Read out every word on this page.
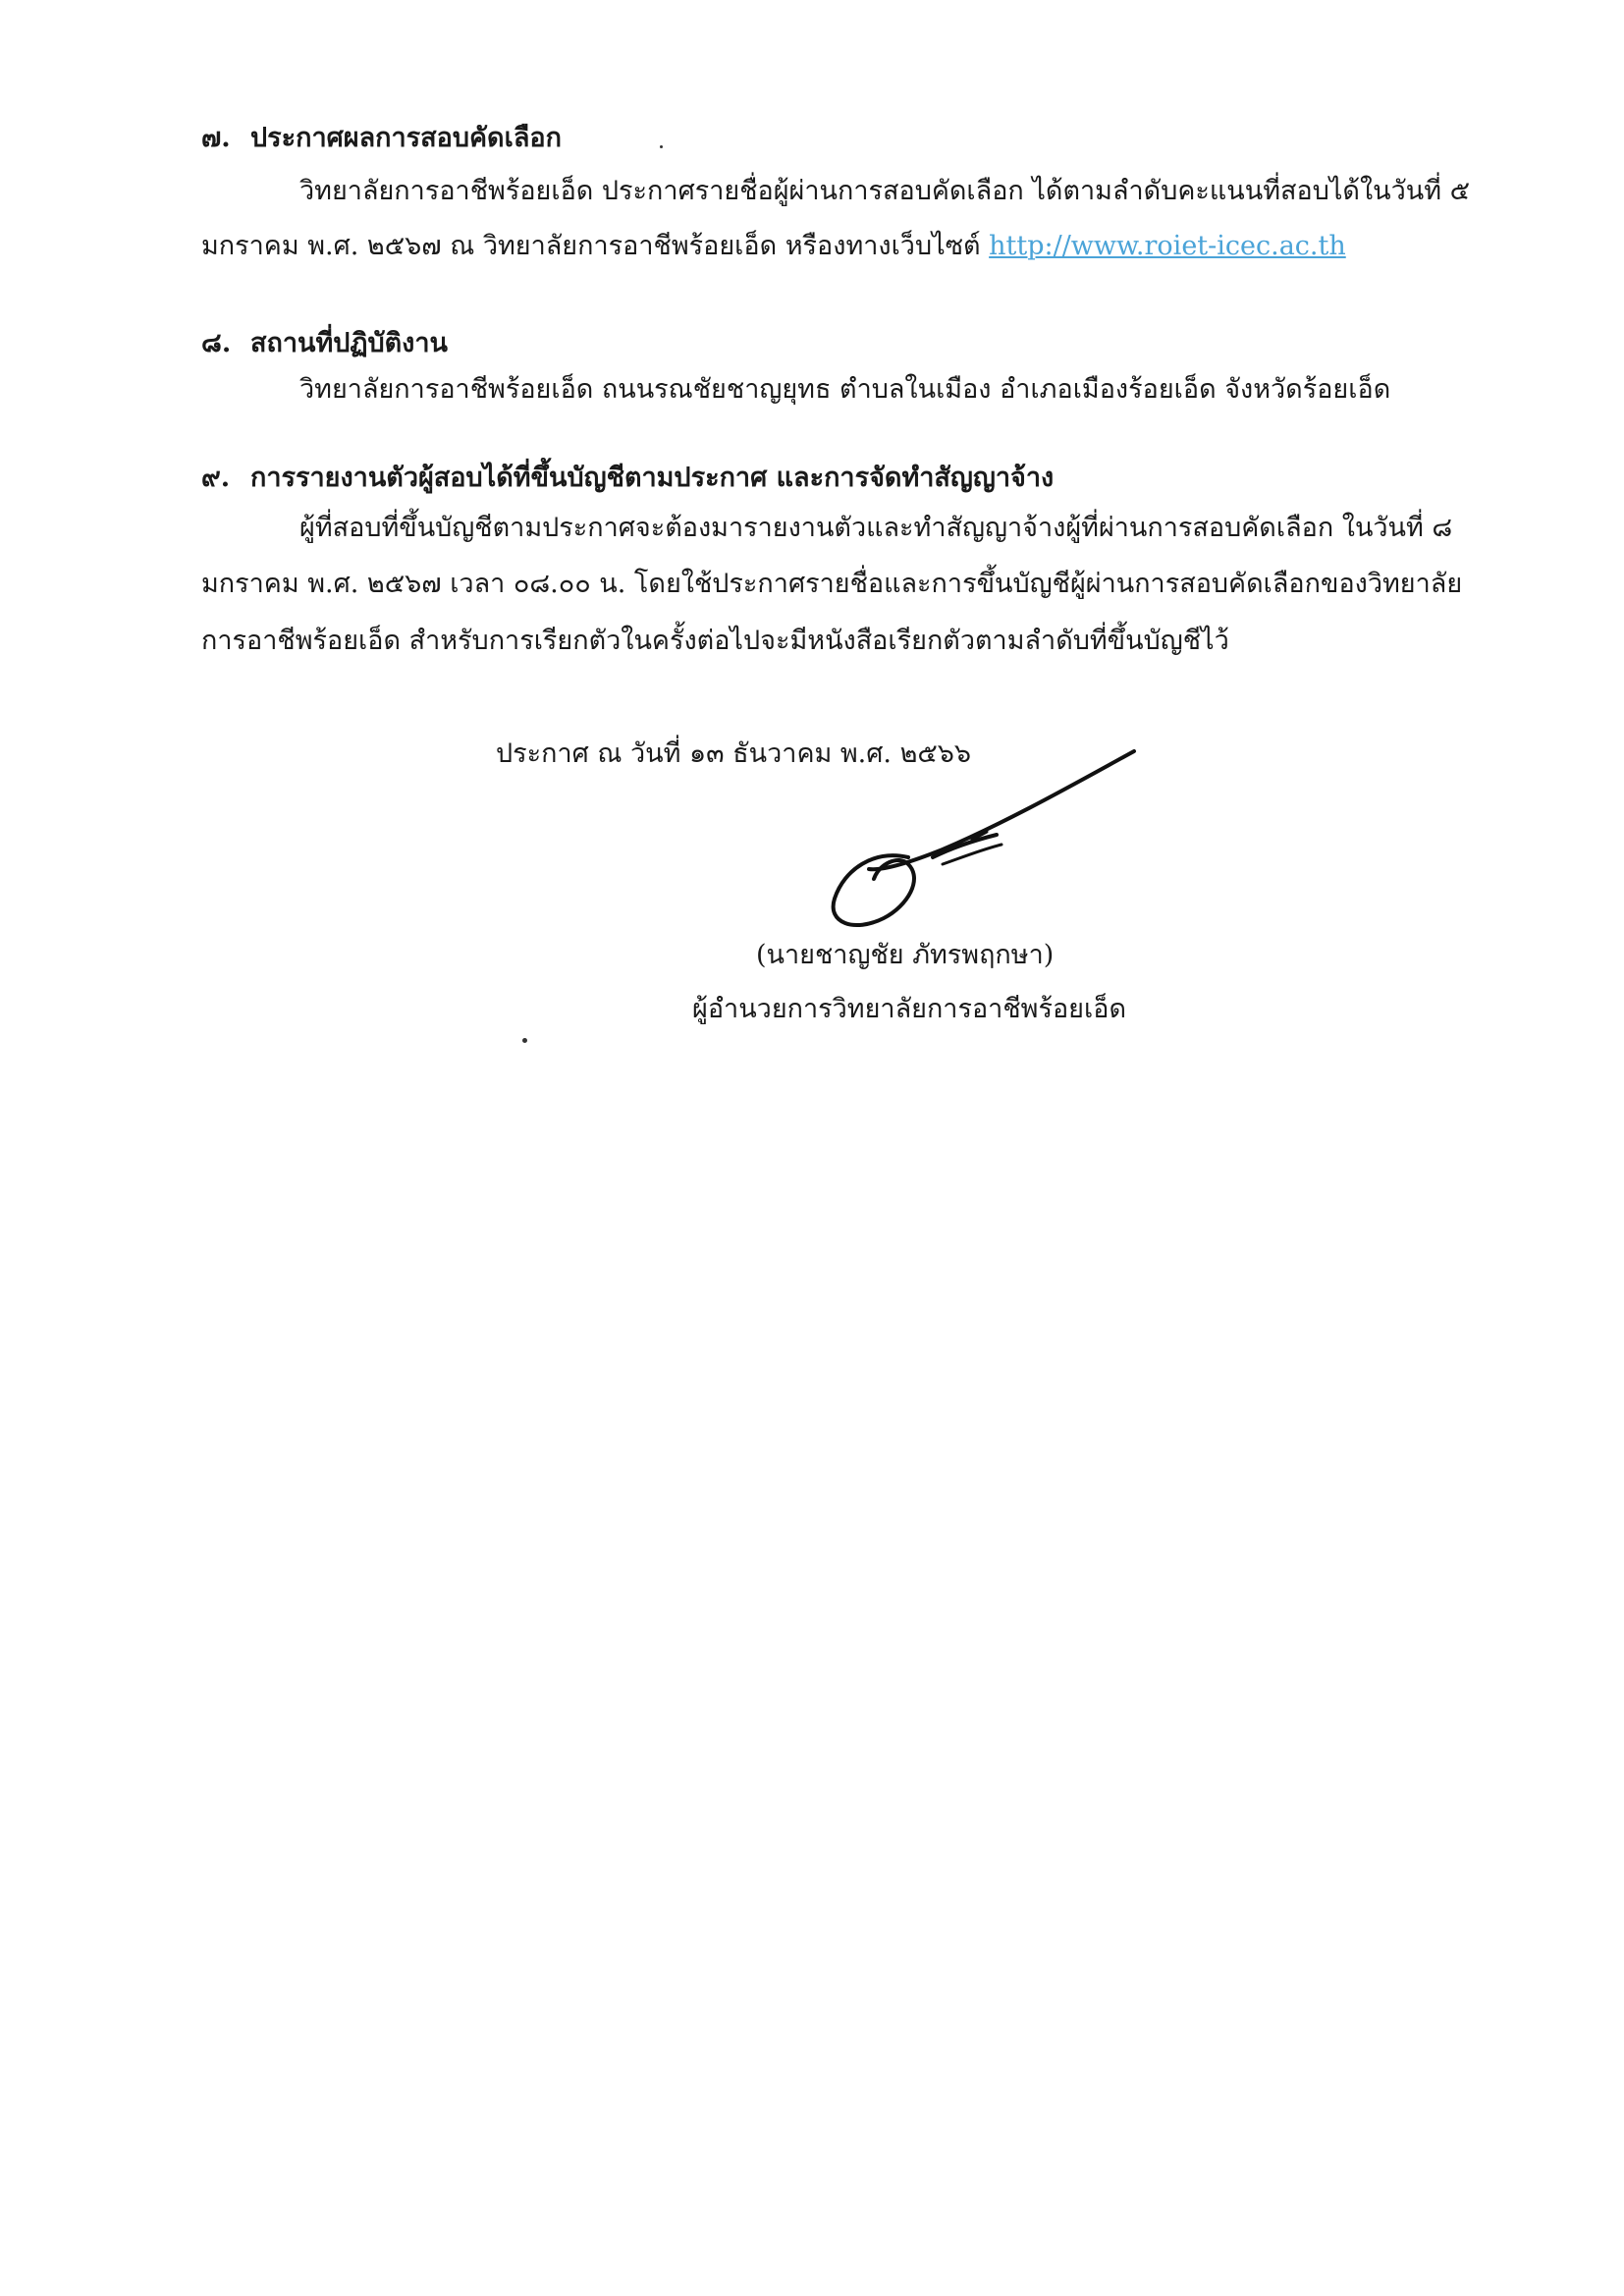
๗. ประกาศผลการสอบคัดเลือก
วิทยาลัยการอาชีพร้อยเอ็ด ประกาศรายชื่อผู้ผ่านการสอบคัดเลือก ได้ตามลำดับคะแนนที่สอบได้ในวันที่ ๕
มกราคม พ.ศ. ๒๕๖๗ ณ วิทยาลัยการอาชีพร้อยเอ็ด หรืองทางเว็บไซต์ http://www.roiet-icec.ac.th
๘. สถานที่ปฏิบัติงาน
วิทยาลัยการอาชีพร้อยเอ็ด ถนนรณชัยชาญยุทธ ตำบลในเมือง อำเภอเมืองร้อยเอ็ด จังหวัดร้อยเอ็ด
๙. การรายงานตัวผู้สอบได้ที่ขึ้นบัญชีตามประกาศ และการจัดทำสัญญาจ้าง
ผู้ที่สอบที่ขึ้นบัญชีตามประกาศจะต้องมารายงานตัวและทำสัญญาจ้างผู้ที่ผ่านการสอบคัดเลือก ในวันที่ ๘
มกราคม พ.ศ. ๒๕๖๗ เวลา ๐๘.๐๐ น. โดยใช้ประกาศรายชื่อและการขึ้นบัญชีผู้ผ่านการสอบคัดเลือกของวิทยาลัย
การอาชีพร้อยเอ็ด สำหรับการเรียกตัวในครั้งต่อไปจะมีหนังสือเรียกตัวตามลำดับที่ขึ้นบัญชีไว้
ประกาศ ณ วันที่ ๑๓ ธันวาคม พ.ศ. ๒๕๖๖
(นายชาญชัย ภัทรพฤกษา)
ผู้อำนวยการวิทยาลัยการอาชีพร้อยเอ็ด
